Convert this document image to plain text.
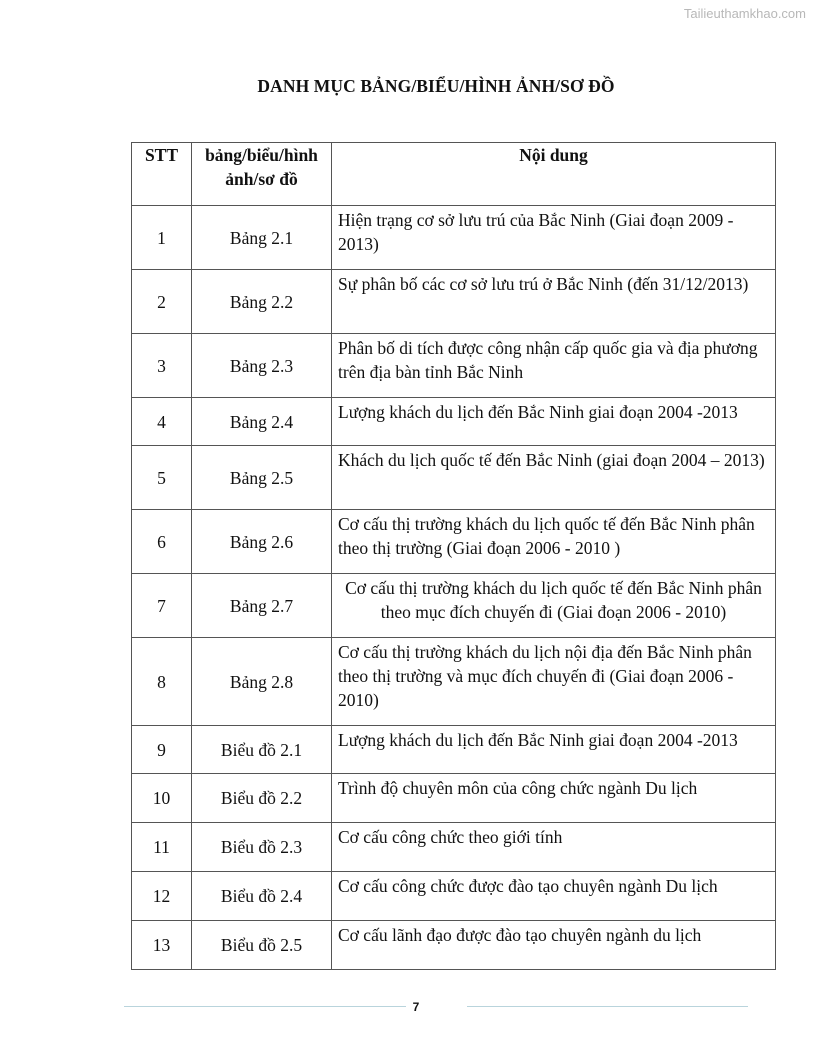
Tailieuthamkhao.com
DANH MỤC BẢNG/BIỂU/HÌNH ẢNH/SƠ ĐỒ
STT	bảng/biểu/hình ảnh/sơ đồ	Nội dung
1	Bảng 2.1	Hiện trạng cơ sở lưu trú của Bắc Ninh (Giai đoạn 2009 - 2013)
2	Bảng 2.2	Sự phân bố các cơ sở lưu trú ở Bắc Ninh (đến 31/12/2013)
3	Bảng 2.3	Phân bố di tích được công nhận cấp quốc gia và địa phương trên địa bàn tỉnh Bắc Ninh
4	Bảng 2.4	Lượng khách du lịch đến Bắc Ninh giai đoạn 2004 -2013
5	Bảng 2.5	Khách du lịch quốc tế đến Bắc Ninh (giai đoạn 2004 – 2013)
6	Bảng 2.6	Cơ cấu thị trường khách du lịch quốc tế đến Bắc Ninh phân theo thị trường (Giai đoạn 2006 - 2010 )
7	Bảng 2.7	Cơ cấu thị trường khách du lịch quốc tế đến Bắc Ninh phân theo mục đích chuyến đi (Giai đoạn 2006 - 2010)
8	Bảng 2.8	Cơ cấu thị trường khách du lịch nội địa đến Bắc Ninh phân theo thị trường và mục đích chuyến đi (Giai đoạn 2006 - 2010)
9	Biểu đồ 2.1	Lượng khách du lịch đến Bắc Ninh giai đoạn 2004 -2013
10	Biểu đồ 2.2	Trình độ chuyên môn của công chức ngành Du lịch
11	Biểu đồ 2.3	Cơ cấu công chức theo giới tính
12	Biểu đồ 2.4	Cơ cấu công chức được đào tạo chuyên ngành Du lịch
13	Biểu đồ 2.5	Cơ cấu lãnh đạo được đào tạo chuyên ngành du lịch
7
